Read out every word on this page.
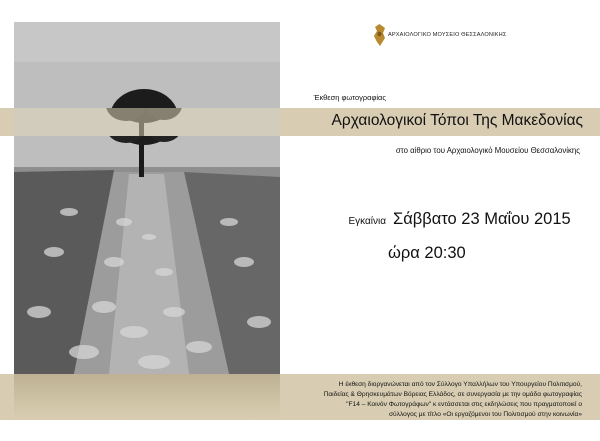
ΑΡΧΑΙΟΛΟΓΙΚΟ ΜΟΥΣΕΙΟ ΘΕΣΣΑΛΟΝΙΚΗΣ
Έκθεση φωτογραφίας
Αρχαιολογικοί Τόποι Της Μακεδονίας
στο αίθριο του Αρχαιολογικό Μουσείου Θεσσαλονίκης
Εγκαίνια Σάββατο 23 Μαΐου 2015
ώρα 20:30
Η έκθεση διοργανώνεται από τον Σύλλογο Υπαλλήλων του Υπουργείου Πολιτισμού,
Παιδείας & Θρησκευμάτων Βόρειας Ελλάδος, σε συνεργασία με την ομάδα φωτογραφίας
"F14 – Κοινόν Φωτογράφων" κ εντάσσεται στις εκδηλώσεις που πραγματοποιεί ο
σύλλογος με τίτλο «Οι εργαζόμενοι του Πολιτισμού στην κοινωνία»
